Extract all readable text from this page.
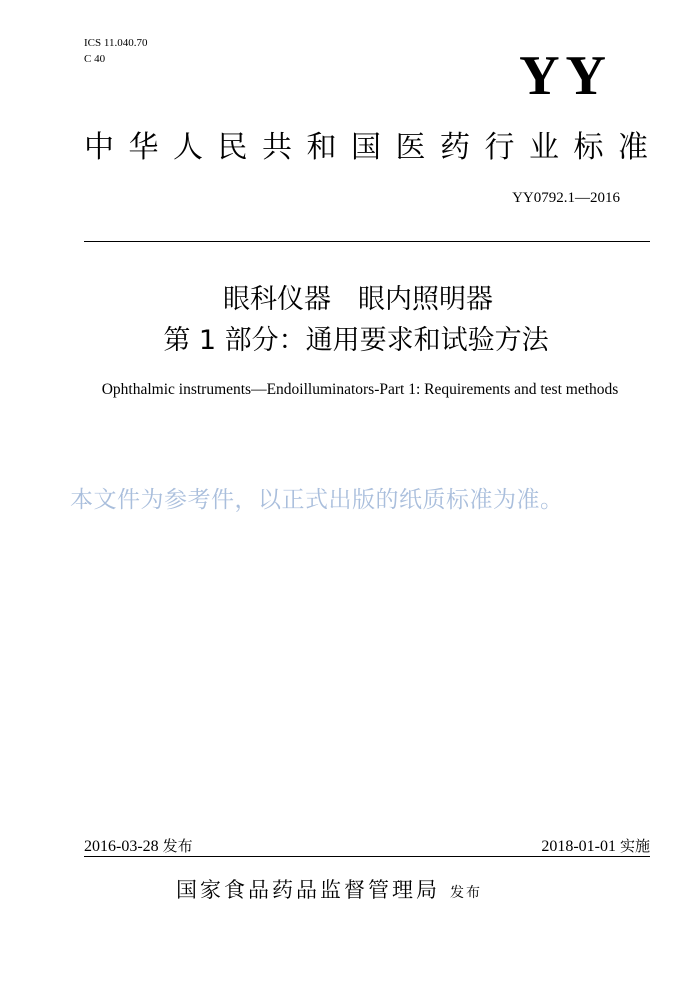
ICS 11.040.70
C 40	YY
中华人民共和国医药行业标准
YY0792.1—2016
眼科仪器　眼内照明器
第 1 部分：通用要求和试验方法
Ophthalmic instruments—Endoilluminators-Part 1: Requirements and test methods
本文件为参考件，以正式出版的纸质标准为准。
2016-03-28 发布	2018-01-01 实施
国家食品药品监督管理局 发布
